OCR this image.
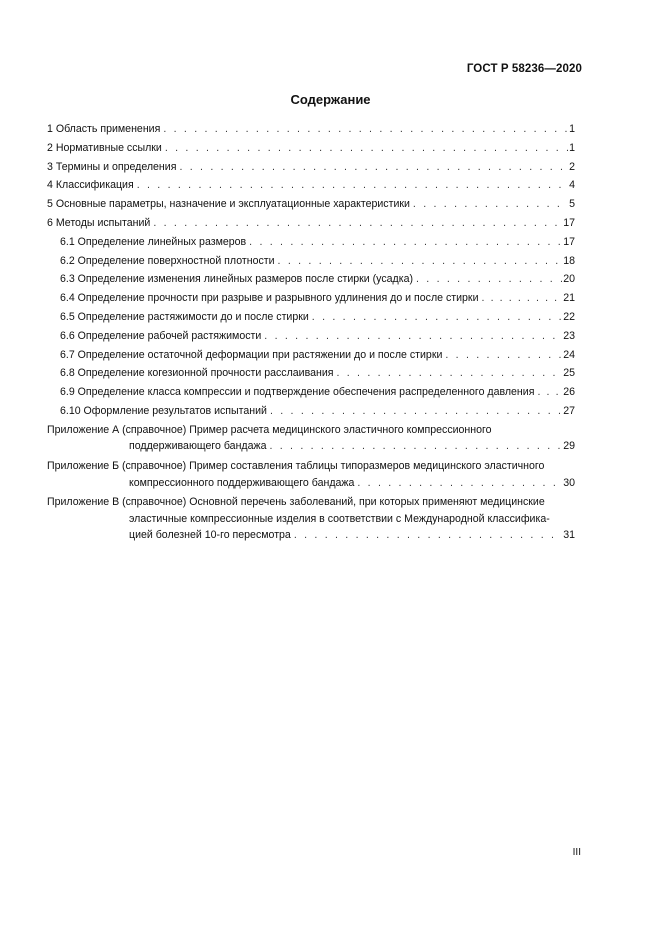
ГОСТ Р 58236—2020
Содержание
1 Область применения . . .	1
2 Нормативные ссылки . . .	1
3 Термины и определения . . .	2
4 Классификация . . .	4
5 Основные параметры, назначение и эксплуатационные характеристики . . .	5
6 Методы испытаний . . .	17
6.1 Определение линейных размеров . . .	17
6.2 Определение поверхностной плотности . . .	18
6.3 Определение изменения линейных размеров после стирки (усадка) . . .	20
6.4 Определение прочности при разрыве и разрывного удлинения до и после стирки . . .	21
6.5 Определение растяжимости до и после стирки . . .	22
6.6 Определение рабочей растяжимости . . .	23
6.7 Определение остаточной деформации при растяжении до и после стирки . . .	24
6.8 Определение когезионной прочности расслаивания . . .	25
6.9 Определение класса компрессии и подтверждение обеспечения распределенного давления . . .	26
6.10 Оформление результатов испытаний . . .	27
Приложение А (справочное) Пример расчета медицинского эластичного компрессионного
поддерживающего бандажа . . .	29
Приложение Б (справочное) Пример составления таблицы типоразмеров медицинского эластичного
компрессионного поддерживающего бандажа . . .	30
Приложение В (справочное) Основной перечень заболеваний, при которых применяют медицинские
эластичные компрессионные изделия в соответствии с Международной классифика-
цией болезней 10-го пересмотра . . .	31
III
